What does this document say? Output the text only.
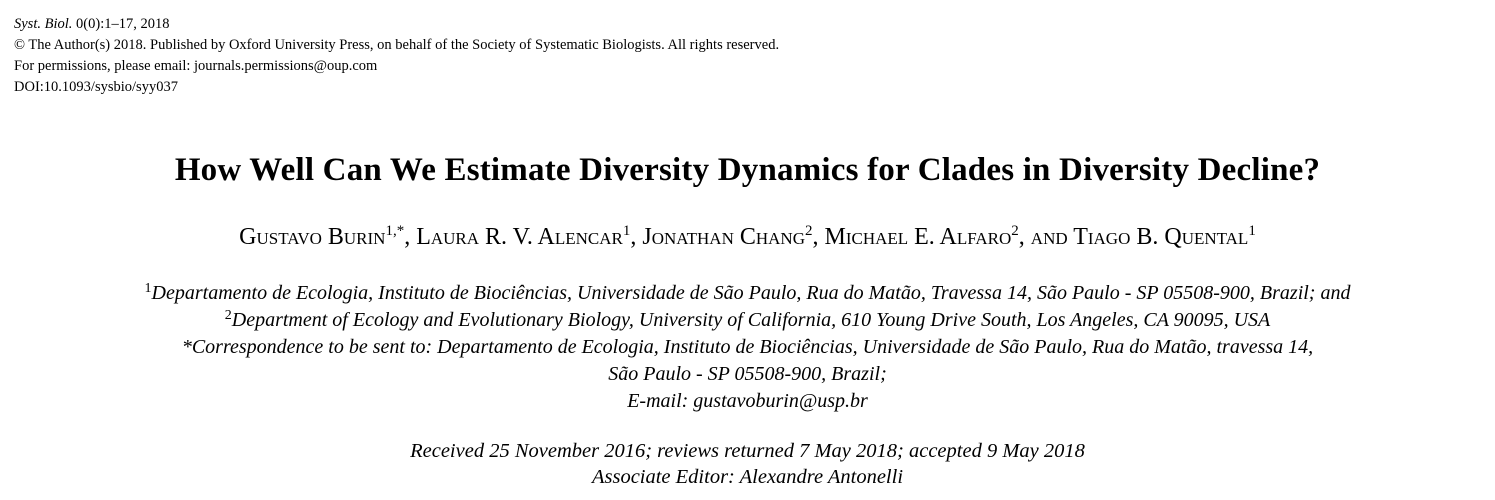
Syst. Biol. 0(0):1–17, 2018
© The Author(s) 2018. Published by Oxford University Press, on behalf of the Society of Systematic Biologists. All rights reserved.
For permissions, please email: journals.permissions@oup.com
DOI:10.1093/sysbio/syy037
How Well Can We Estimate Diversity Dynamics for Clades in Diversity Decline?
Gustavo Burin$^{1,*}$, Laura R. V. Alencar$^1$, Jonathan Chang$^2$, Michael E. Alfaro$^2$, and Tiago B. Quental$^1$
$^1$Departamento de Ecologia, Instituto de Biociências, Universidade de São Paulo, Rua do Matão, Travessa 14, São Paulo - SP 05508-900, Brazil; and
$^2$Department of Ecology and Evolutionary Biology, University of California, 610 Young Drive South, Los Angeles, CA 90095, USA
*Correspondence to be sent to: Departamento de Ecologia, Instituto de Biociências, Universidade de São Paulo, Rua do Matão, travessa 14,
São Paulo - SP 05508-900, Brazil;
E-mail: gustavoburin@usp.br
Received 25 November 2016; reviews returned 7 May 2018; accepted 9 May 2018
Associate Editor: Alexandre Antonelli
